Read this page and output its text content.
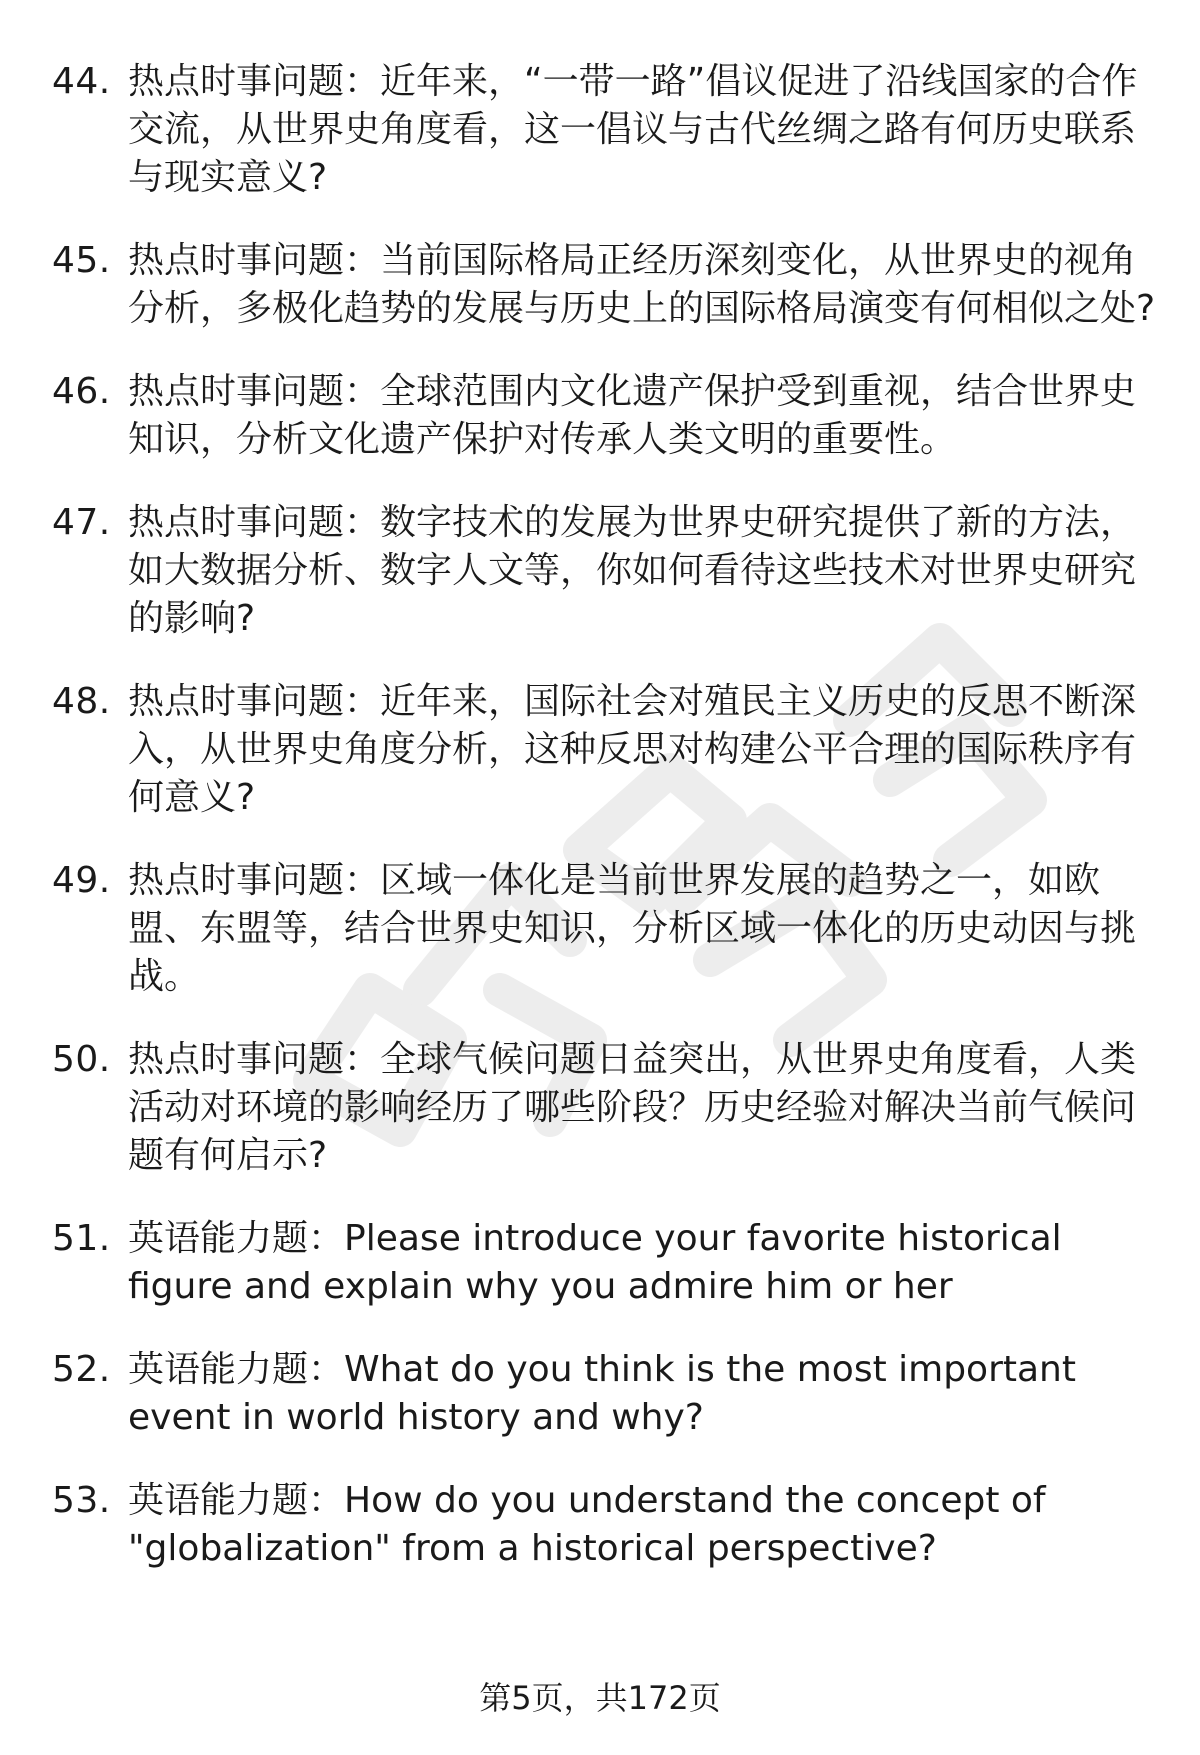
44. 热点时事问题：近年来，“一带一路”倡议促进了沿线国家的合作交流，从世界史角度看，这一倡议与古代丝绸之路有何历史联系与现实意义?
45. 热点时事问题：当前国际格局正经历深刻变化，从世界史的视角分析，多极化趋势的发展与历史上的国际格局演变有何相似之处?
46. 热点时事问题：全球范围内文化遗产保护受到重视，结合世界史知识，分析文化遗产保护对传承人类文明的重要性。
47. 热点时事问题：数字技术的发展为世界史研究提供了新的方法，如大数据分析、数字人文等，你如何看待这些技术对世界史研究的影响?
48. 热点时事问题：近年来，国际社会对殖民主义历史的反思不断深入，从世界史角度分析，这种反思对构建公平合理的国际秩序有何意义?
49. 热点时事问题：区域一体化是当前世界发展的趋势之一，如欧盟、东盟等，结合世界史知识，分析区域一体化的历史动因与挑战。
50. 热点时事问题：全球气候问题日益突出，从世界史角度看，人类活动对环境的影响经历了哪些阶段？历史经验对解决当前气候问题有何启示?
51. 英语能力题：Please introduce your favorite historical figure and explain why you admire him or her
52. 英语能力题：What do you think is the most important event in world history and why?
53. 英语能力题：How do you understand the concept of "globalization" from a historical perspective?
第5页，共172页
